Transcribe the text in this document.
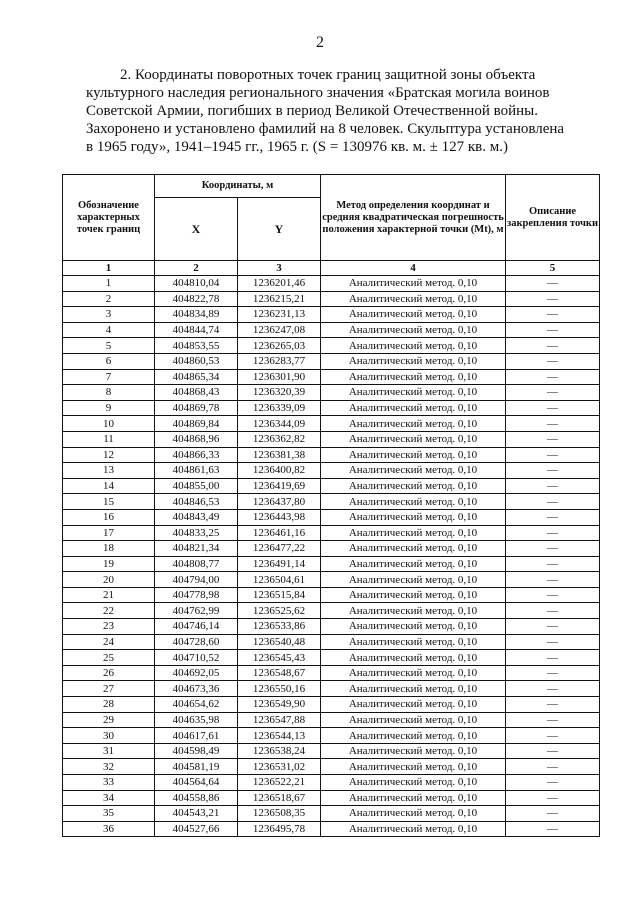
2
2. Координаты поворотных точек границ защитной зоны объекта
культурного наследия регионального значения «Братская могила воинов
Советской Армии, погибших в период Великой Отечественной войны.
Захоронено и установлено фамилий на 8 человек. Скульптура установлена
в 1965 году», 1941–1945 гг., 1965 г. (S = 130976 кв. м. ± 127 кв. м.)
Обозначение характерных точек границ	Координаты, м		Метод определения координат и средняя квадратическая погрешность положения характерной точки (Mt), м	Описание закрепления точки
	X	Y		
1	2	3	4	5
1	404810,04	1236201,46	Аналитический метод. 0,10	—
2	404822,78	1236215,21	Аналитический метод. 0,10	—
3	404834,89	1236231,13	Аналитический метод. 0,10	—
4	404844,74	1236247,08	Аналитический метод. 0,10	—
5	404853,55	1236265,03	Аналитический метод. 0,10	—
6	404860,53	1236283,77	Аналитический метод. 0,10	—
7	404865,34	1236301,90	Аналитический метод. 0,10	—
8	404868,43	1236320,39	Аналитический метод. 0,10	—
9	404869,78	1236339,09	Аналитический метод. 0,10	—
10	404869,84	1236344,09	Аналитический метод. 0,10	—
11	404868,96	1236362,82	Аналитический метод. 0,10	—
12	404866,33	1236381,38	Аналитический метод. 0,10	—
13	404861,63	1236400,82	Аналитический метод. 0,10	—
14	404855,00	1236419,69	Аналитический метод. 0,10	—
15	404846,53	1236437,80	Аналитический метод. 0,10	—
16	404843,49	1236443,98	Аналитический метод. 0,10	—
17	404833,25	1236461,16	Аналитический метод. 0,10	—
18	404821,34	1236477,22	Аналитический метод. 0,10	—
19	404808,77	1236491,14	Аналитический метод. 0,10	—
20	404794,00	1236504,61	Аналитический метод. 0,10	—
21	404778,98	1236515,84	Аналитический метод. 0,10	—
22	404762,99	1236525,62	Аналитический метод. 0,10	—
23	404746,14	1236533,86	Аналитический метод. 0,10	—
24	404728,60	1236540,48	Аналитический метод. 0,10	—
25	404710,52	1236545,43	Аналитический метод. 0,10	—
26	404692,05	1236548,67	Аналитический метод. 0,10	—
27	404673,36	1236550,16	Аналитический метод. 0,10	—
28	404654,62	1236549,90	Аналитический метод. 0,10	—
29	404635,98	1236547,88	Аналитический метод. 0,10	—
30	404617,61	1236544,13	Аналитический метод. 0,10	—
31	404598,49	1236538,24	Аналитический метод. 0,10	—
32	404581,19	1236531,02	Аналитический метод. 0,10	—
33	404564,64	1236522,21	Аналитический метод. 0,10	—
34	404558,86	1236518,67	Аналитический метод. 0,10	—
35	404543,21	1236508,35	Аналитический метод. 0,10	—
36	404527,66	1236495,78	Аналитический метод. 0,10	—
